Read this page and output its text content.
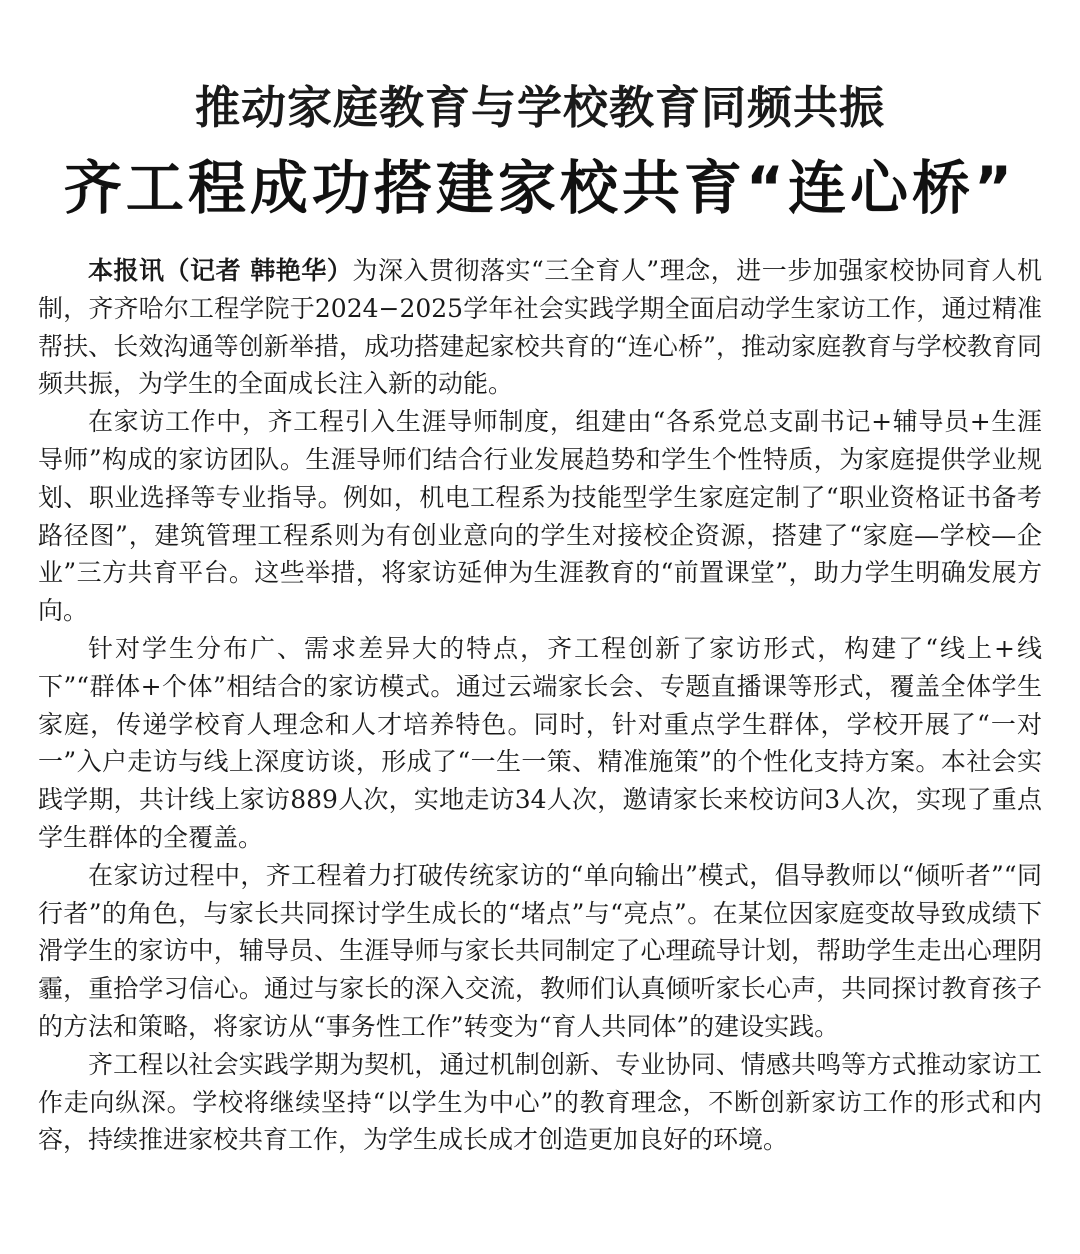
推动家庭教育与学校教育同频共振
齐工程成功搭建家校共育“连心桥”

本报讯（记者 韩艳华）为深入贯彻落实“三全育人”理念，进一步加强家校协同育人机制，齐齐哈尔工程学院于2024−2025学年社会实践学期全面启动学生家访工作，通过精准帮扶、长效沟通等创新举措，成功搭建起家校共育的“连心桥”，推动家庭教育与学校教育同频共振，为学生的全面成长注入新的动能。

在家访工作中，齐工程引入生涯导师制度，组建由“各系党总支副书记+辅导员+生涯导师”构成的家访团队。生涯导师们结合行业发展趋势和学生个性特质，为家庭提供学业规划、职业选择等专业指导。例如，机电工程系为技能型学生家庭定制了“职业资格证书备考路径图”，建筑管理工程系则为有创业意向的学生对接校企资源，搭建了“家庭—学校—企业”三方共育平台。这些举措，将家访延伸为生涯教育的“前置课堂”，助力学生明确发展方向。

针对学生分布广、需求差异大的特点，齐工程创新了家访形式，构建了“线上+线下”“群体+个体”相结合的家访模式。通过云端家长会、专题直播课等形式，覆盖全体学生家庭，传递学校育人理念和人才培养特色。同时，针对重点学生群体，学校开展了“一对一”入户走访与线上深度访谈，形成了“一生一策、精准施策”的个性化支持方案。本社会实践学期，共计线上家访889人次，实地走访34人次，邀请家长来校访问3人次，实现了重点学生群体的全覆盖。

在家访过程中，齐工程着力打破传统家访的“单向输出”模式，倡导教师以“倾听者”“同行者”的角色，与家长共同探讨学生成长的“堵点”与“亮点”。在某位因家庭变故导致成绩下滑学生的家访中，辅导员、生涯导师与家长共同制定了心理疏导计划，帮助学生走出心理阴霾，重拾学习信心。通过与家长的深入交流，教师们认真倾听家长心声，共同探讨教育孩子的方法和策略，将家访从“事务性工作”转变为“育人共同体”的建设实践。

齐工程以社会实践学期为契机，通过机制创新、专业协同、情感共鸣等方式推动家访工作走向纵深。学校将继续坚持“以学生为中心”的教育理念，不断创新家访工作的形式和内容，持续推进家校共育工作，为学生成长成才创造更加良好的环境。
